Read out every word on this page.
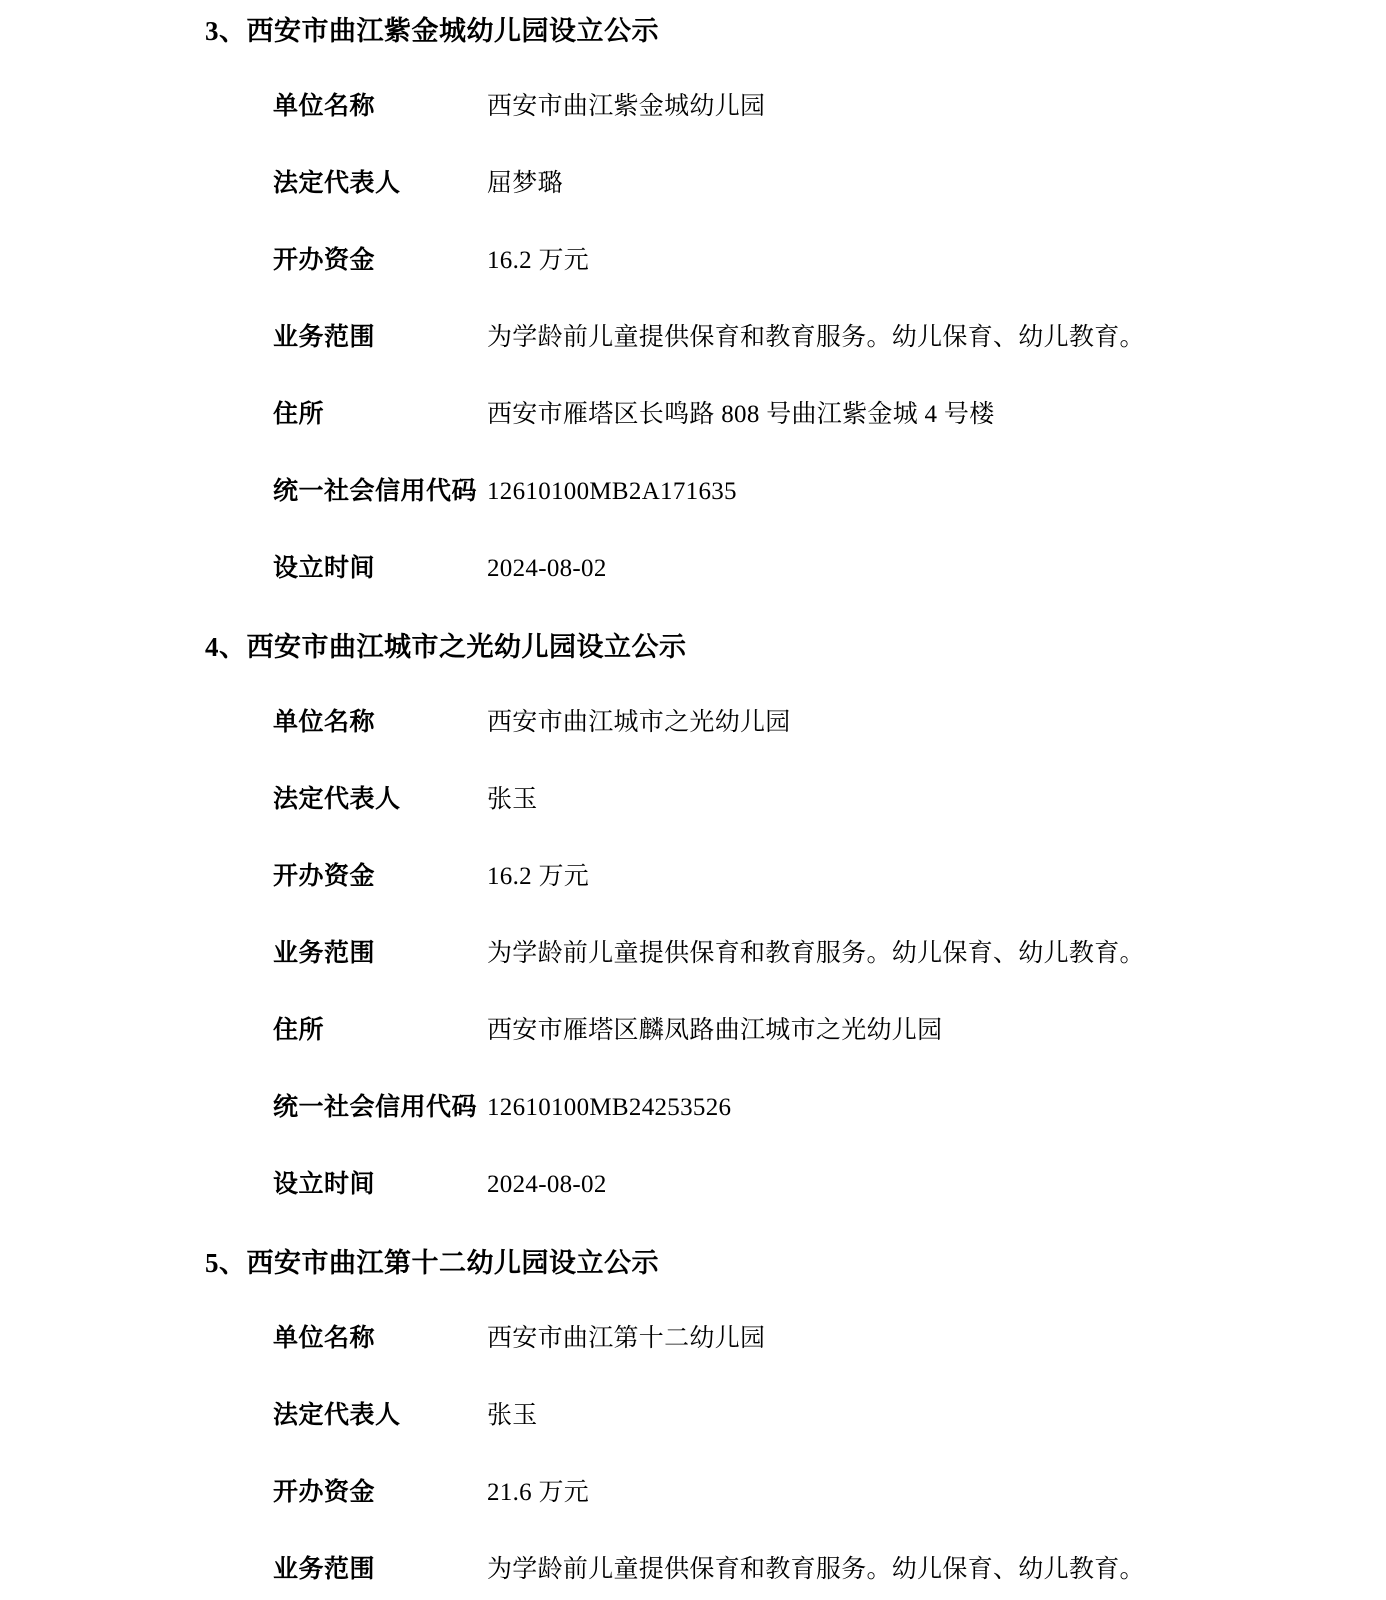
3、西安市曲江紫金城幼儿园设立公示
单位名称	西安市曲江紫金城幼儿园
法定代表人	屈梦璐
开办资金	16.2 万元
业务范围	为学龄前儿童提供保育和教育服务。幼儿保育、幼儿教育。
住所	西安市雁塔区长鸣路 808 号曲江紫金城 4 号楼
统一社会信用代码 12610100MB2A171635
设立时间	2024-08-02
4、西安市曲江城市之光幼儿园设立公示
单位名称	西安市曲江城市之光幼儿园
法定代表人	张玉
开办资金	16.2 万元
业务范围	为学龄前儿童提供保育和教育服务。幼儿保育、幼儿教育。
住所	西安市雁塔区麟凤路曲江城市之光幼儿园
统一社会信用代码 12610100MB24253526
设立时间	2024-08-02
5、西安市曲江第十二幼儿园设立公示
单位名称	西安市曲江第十二幼儿园
法定代表人	张玉
开办资金	21.6 万元
业务范围	为学龄前儿童提供保育和教育服务。幼儿保育、幼儿教育。
